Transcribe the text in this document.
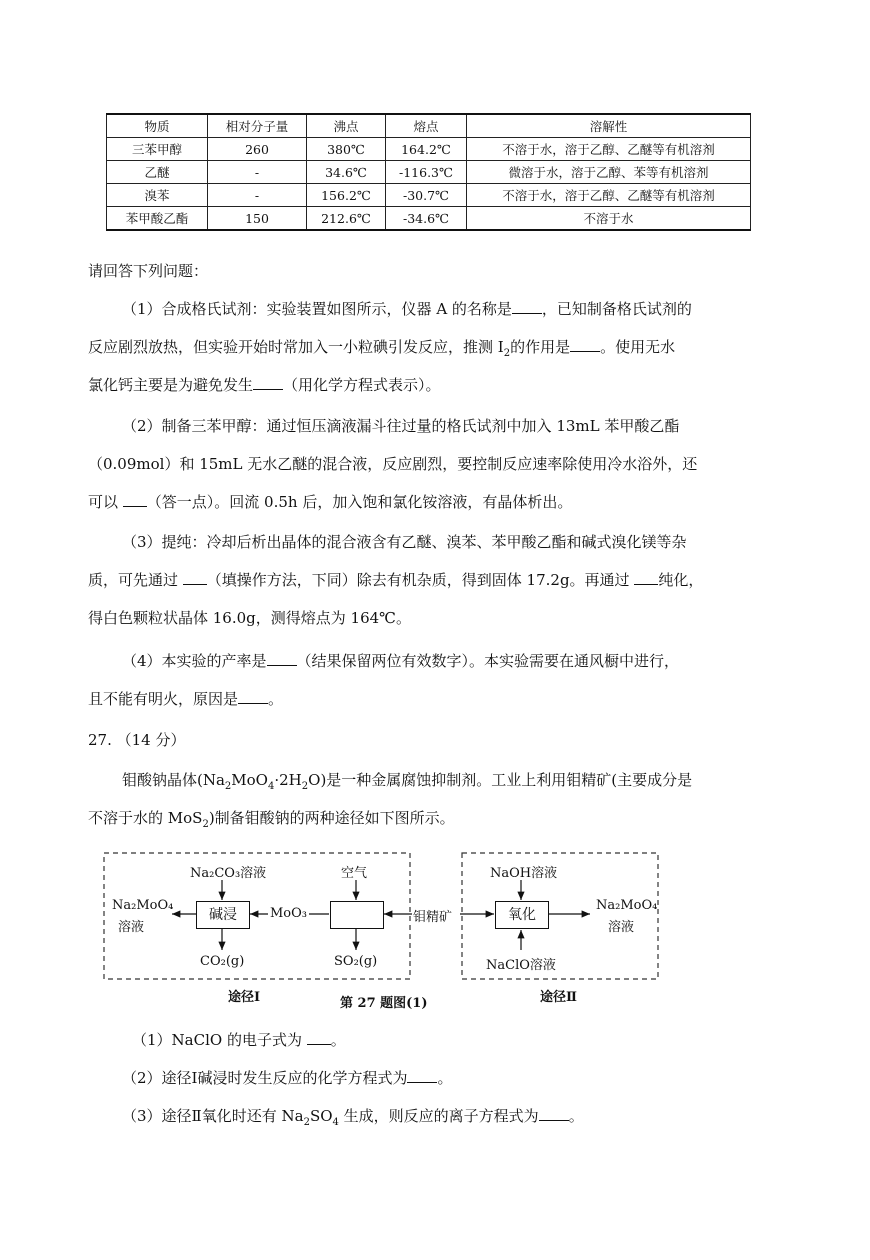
物质	相对分子量	沸点	熔点	溶解性
三苯甲醇	260	380℃	164.2℃	不溶于水，溶于乙醇、乙醚等有机溶剂
乙醚	-	34.6℃	-116.3℃	微溶于水，溶于乙醇、苯等有机溶剂
溴苯	-	156.2℃	-30.7℃	不溶于水，溶于乙醇、乙醚等有机溶剂
苯甲酸乙酯	150	212.6℃	-34.6℃	不溶于水
请回答下列问题：
（1）合成格氏试剂：实验装置如图所示，仪器 A 的名称是 ，已知制备格氏试剂的
反应剧烈放热，但实验开始时常加入一小粒碘引发反应，推测 $I_2$的作用是 。使用无水
氯化钙主要是为避免发生 （用化学方程式表示）。
（2）制备三苯甲醇：通过恒压滴液漏斗往过量的格氏试剂中加入 13mL 苯甲酸乙酯
（0.09mol）和 15mL 无水乙醚的混合液，反应剧烈，要控制反应速率除使用冷水浴外，还
可以 （答一点）。回流 0.5h 后，加入饱和氯化铵溶液，有晶体析出。
（3）提纯：冷却后析出晶体的混合液含有乙醚、溴苯、苯甲酸乙酯和碱式溴化镁等杂
质，可先通过 （填操作方法，下同）除去有机杂质，得到固体 17.2g。再通过 纯化，
得白色颗粒状晶体 16.0g，测得熔点为 164℃。
（4）本实验的产率是 （结果保留两位有效数字）。本实验需要在通风橱中进行，
且不能有明火，原因是 。
27. （14 分）
钼酸钠晶体$(Na_2MoO_4\cdot 2H_2O)$是一种金属腐蚀抑制剂。工业上利用钼精矿(主要成分是
不溶于水的 MoS$_2$)制备钼酸钠的两种途径如下图所示。
Na₂CO₃溶液	空气	NaOH溶液
Na₂MoO₄
溶液
碱浸	MoO₃	钼精矿	氧化
Na₂MoO₄
溶液
CO₂(g)	SO₂(g)	NaClO溶液
途径Ⅰ	第 27 题图(1)	途径Ⅱ
（1）NaClO 的电子式为 。
（2）途径Ⅰ碱浸时发生反应的化学方程式为 。
（3）途径Ⅱ氧化时还有 $Na_2SO_4$ 生成，则反应的离子方程式为 。
